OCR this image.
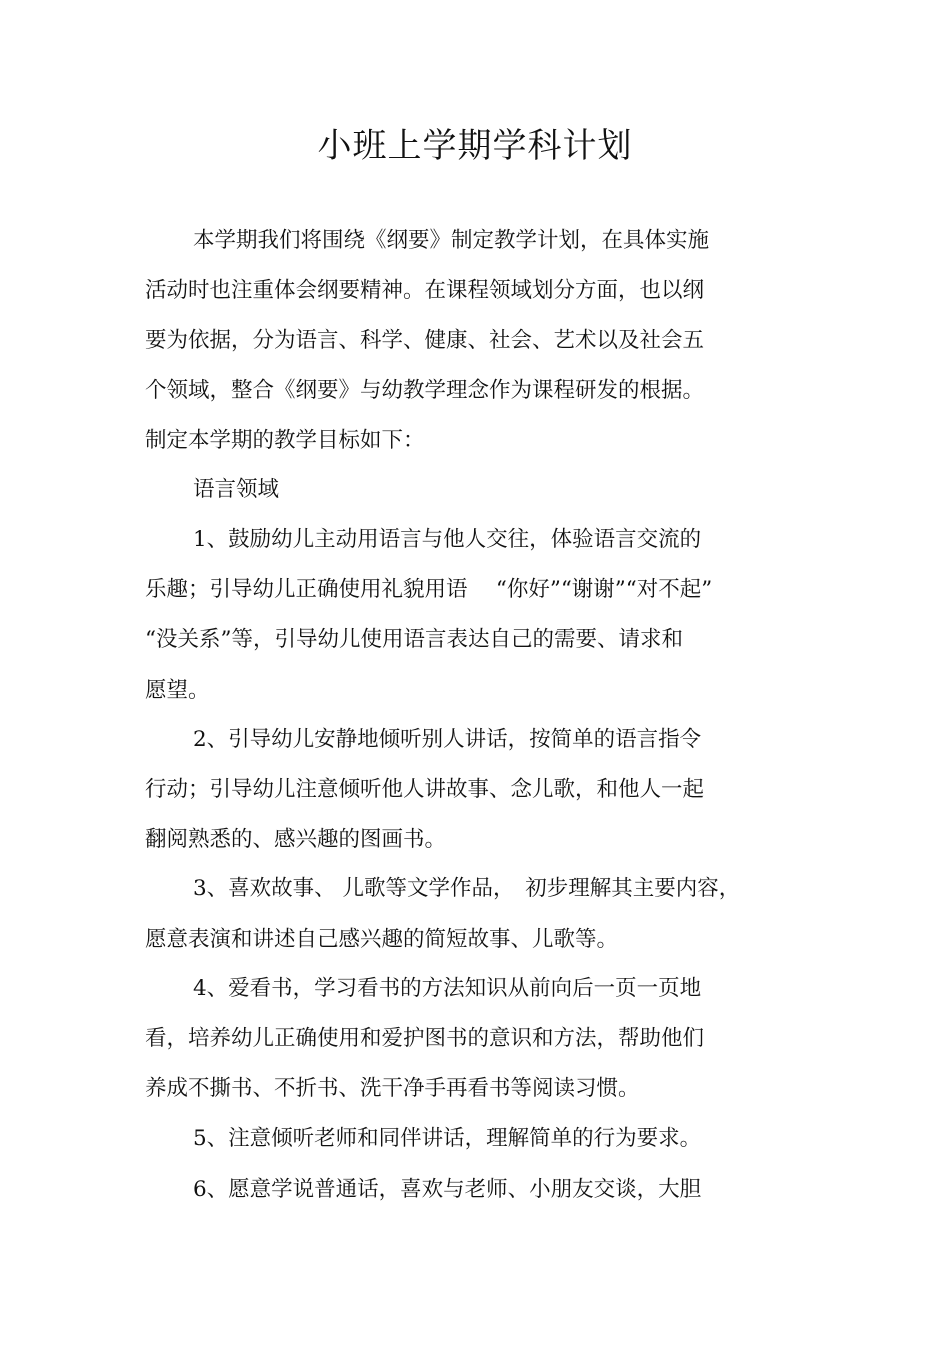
小班上学期学科计划

本学期我们将围绕《纲要》制定教学计划，在具体实施

活动时也注重体会纲要精神。在课程领域划分方面，也以纲

要为依据，分为语言、科学、健康、社会、艺术以及社会五

个领域，整合《纲要》与幼教学理念作为课程研发的根据。

制定本学期的教学目标如下：

语言领域

1、鼓励幼儿主动用语言与他人交往，体验语言交流的

乐趣；引导幼儿正确使用礼貌用语　 “你好”“谢谢”“对不起”

“没关系”等，引导幼儿使用语言表达自己的需要、请求和

愿望。

2、引导幼儿安静地倾听别人讲话，按简单的语言指令

行动；引导幼儿注意倾听他人讲故事、念儿歌，和他人一起

翻阅熟悉的、感兴趣的图画书。

3、喜欢故事、 儿歌等文学作品，　初步理解其主要内容，

愿意表演和讲述自己感兴趣的简短故事、儿歌等。

4、爱看书，学习看书的方法知识从前向后一页一页地

看，培养幼儿正确使用和爱护图书的意识和方法，帮助他们

养成不撕书、不折书、洗干净手再看书等阅读习惯。

5、注意倾听老师和同伴讲话，理解简单的行为要求。

6、愿意学说普通话，喜欢与老师、小朋友交谈，大胆
